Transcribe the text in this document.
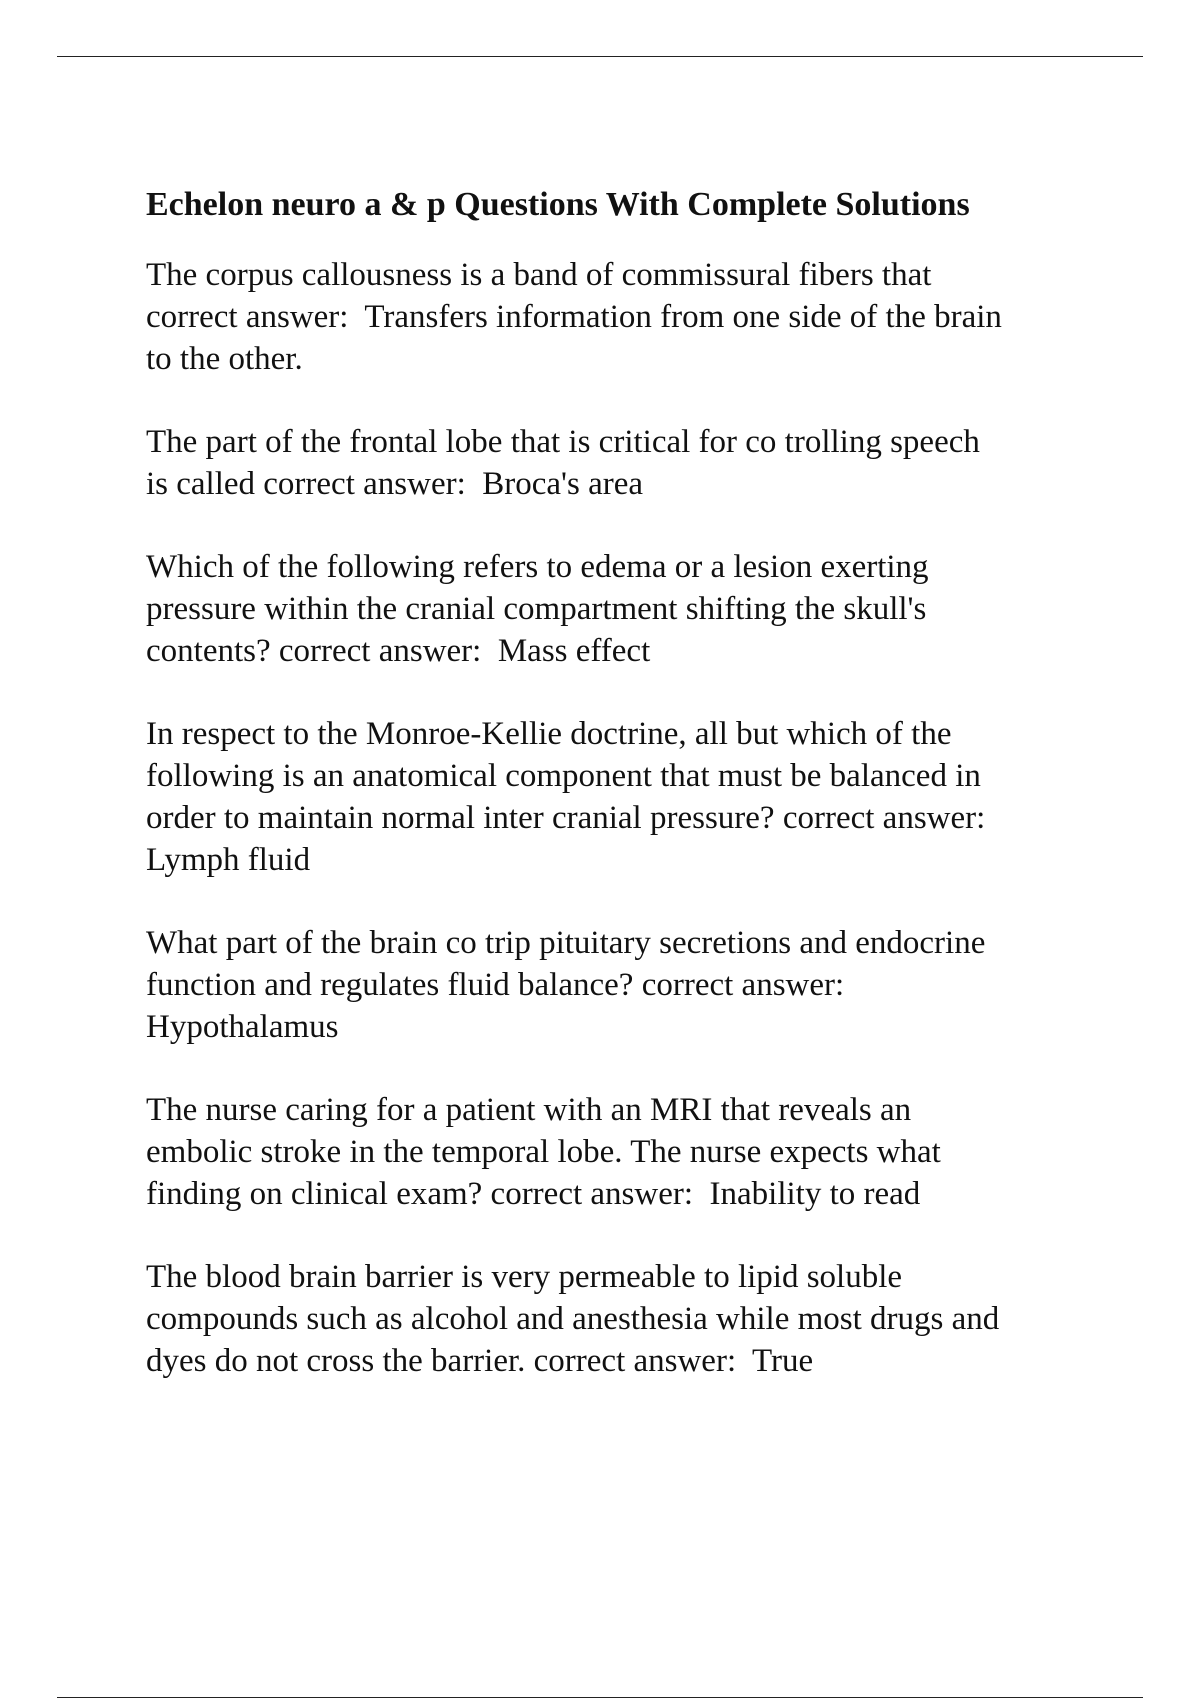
Echelon neuro a & p Questions With Complete Solutions

The corpus callousness is a band of commissural fibers that
correct answer:  Transfers information from one side of the brain
to the other.

The part of the frontal lobe that is critical for co trolling speech
is called correct answer:  Broca's area

Which of the following refers to edema or a lesion exerting
pressure within the cranial compartment shifting the skull's
contents? correct answer:  Mass effect

In respect to the Monroe-Kellie doctrine, all but which of the
following is an anatomical component that must be balanced in
order to maintain normal inter cranial pressure? correct answer:
Lymph fluid

What part of the brain co trip pituitary secretions and endocrine
function and regulates fluid balance? correct answer:
Hypothalamus

The nurse caring for a patient with an MRI that reveals an
embolic stroke in the temporal lobe. The nurse expects what
finding on clinical exam? correct answer:  Inability to read

The blood brain barrier is very permeable to lipid soluble
compounds such as alcohol and anesthesia while most drugs and
dyes do not cross the barrier. correct answer:  True
